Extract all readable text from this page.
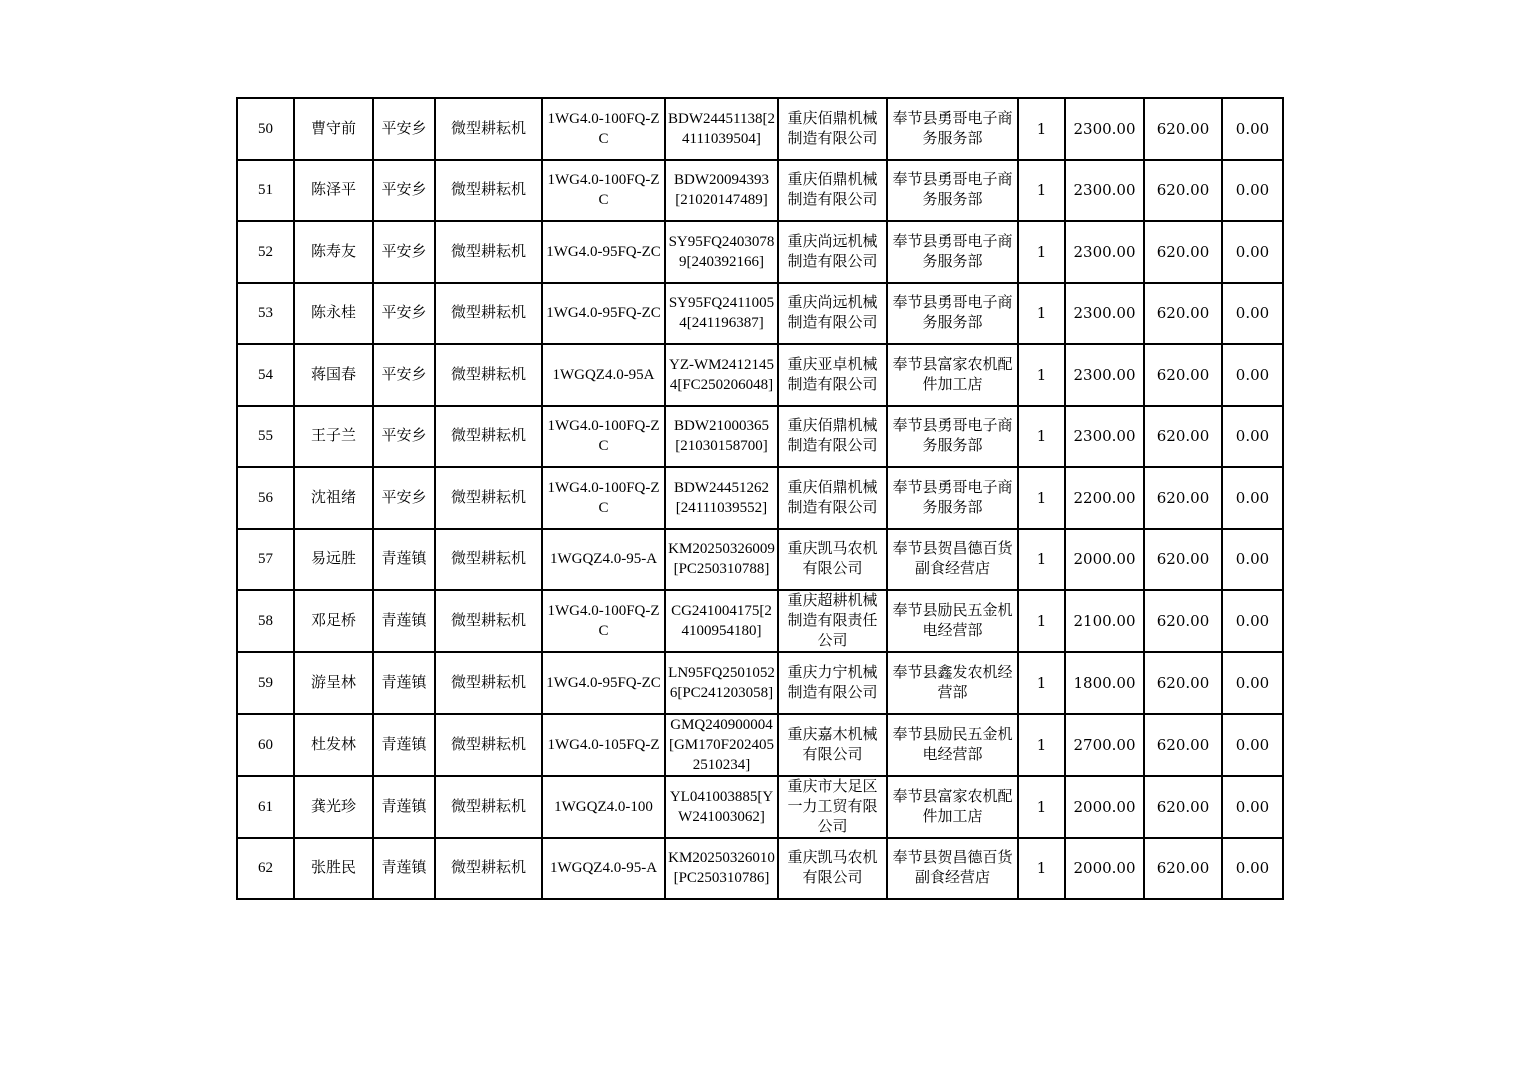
50	曹守前	平安乡	微型耕耘机	1WG4.0-100FQ-ZC	BDW24451138[24111039504]	重庆佰鼎机械制造有限公司	奉节县勇哥电子商务服务部	1	2300.00	620.00	0.00
51	陈泽平	平安乡	微型耕耘机	1WG4.0-100FQ-ZC	BDW20094393[21020147489]	重庆佰鼎机械制造有限公司	奉节县勇哥电子商务服务部	1	2300.00	620.00	0.00
52	陈寿友	平安乡	微型耕耘机	1WG4.0-95FQ-ZC	SY95FQ24030789[240392166]	重庆尚远机械制造有限公司	奉节县勇哥电子商务服务部	1	2300.00	620.00	0.00
53	陈永桂	平安乡	微型耕耘机	1WG4.0-95FQ-ZC	SY95FQ24110054[241196387]	重庆尚远机械制造有限公司	奉节县勇哥电子商务服务部	1	2300.00	620.00	0.00
54	蒋国春	平安乡	微型耕耘机	1WGQZ4.0-95A	YZ-WM24121454[FC250206048]	重庆亚卓机械制造有限公司	奉节县富家农机配件加工店	1	2300.00	620.00	0.00
55	王子兰	平安乡	微型耕耘机	1WG4.0-100FQ-ZC	BDW21000365[21030158700]	重庆佰鼎机械制造有限公司	奉节县勇哥电子商务服务部	1	2300.00	620.00	0.00
56	沈祖绪	平安乡	微型耕耘机	1WG4.0-100FQ-ZC	BDW24451262[24111039552]	重庆佰鼎机械制造有限公司	奉节县勇哥电子商务服务部	1	2200.00	620.00	0.00
57	易远胜	青莲镇	微型耕耘机	1WGQZ4.0-95-A	KM20250326009[PC250310788]	重庆凯马农机有限公司	奉节县贺昌德百货副食经营店	1	2000.00	620.00	0.00
58	邓足桥	青莲镇	微型耕耘机	1WG4.0-100FQ-ZC	CG241004175[24100954180]	重庆超耕机械制造有限责任公司	奉节县励民五金机电经营部	1	2100.00	620.00	0.00
59	游呈林	青莲镇	微型耕耘机	1WG4.0-95FQ-ZC	LN95FQ25010526[PC241203058]	重庆力宁机械制造有限公司	奉节县鑫发农机经营部	1	1800.00	620.00	0.00
60	杜发林	青莲镇	微型耕耘机	1WG4.0-105FQ-Z	GMQ240900004[GM170F2024052510234]	重庆嘉木机械有限公司	奉节县励民五金机电经营部	1	2700.00	620.00	0.00
61	龚光珍	青莲镇	微型耕耘机	1WGQZ4.0-100	YL041003885[YW241003062]	重庆市大足区一力工贸有限公司	奉节县富家农机配件加工店	1	2000.00	620.00	0.00
62	张胜民	青莲镇	微型耕耘机	1WGQZ4.0-95-A	KM20250326010[PC250310786]	重庆凯马农机有限公司	奉节县贺昌德百货副食经营店	1	2000.00	620.00	0.00
